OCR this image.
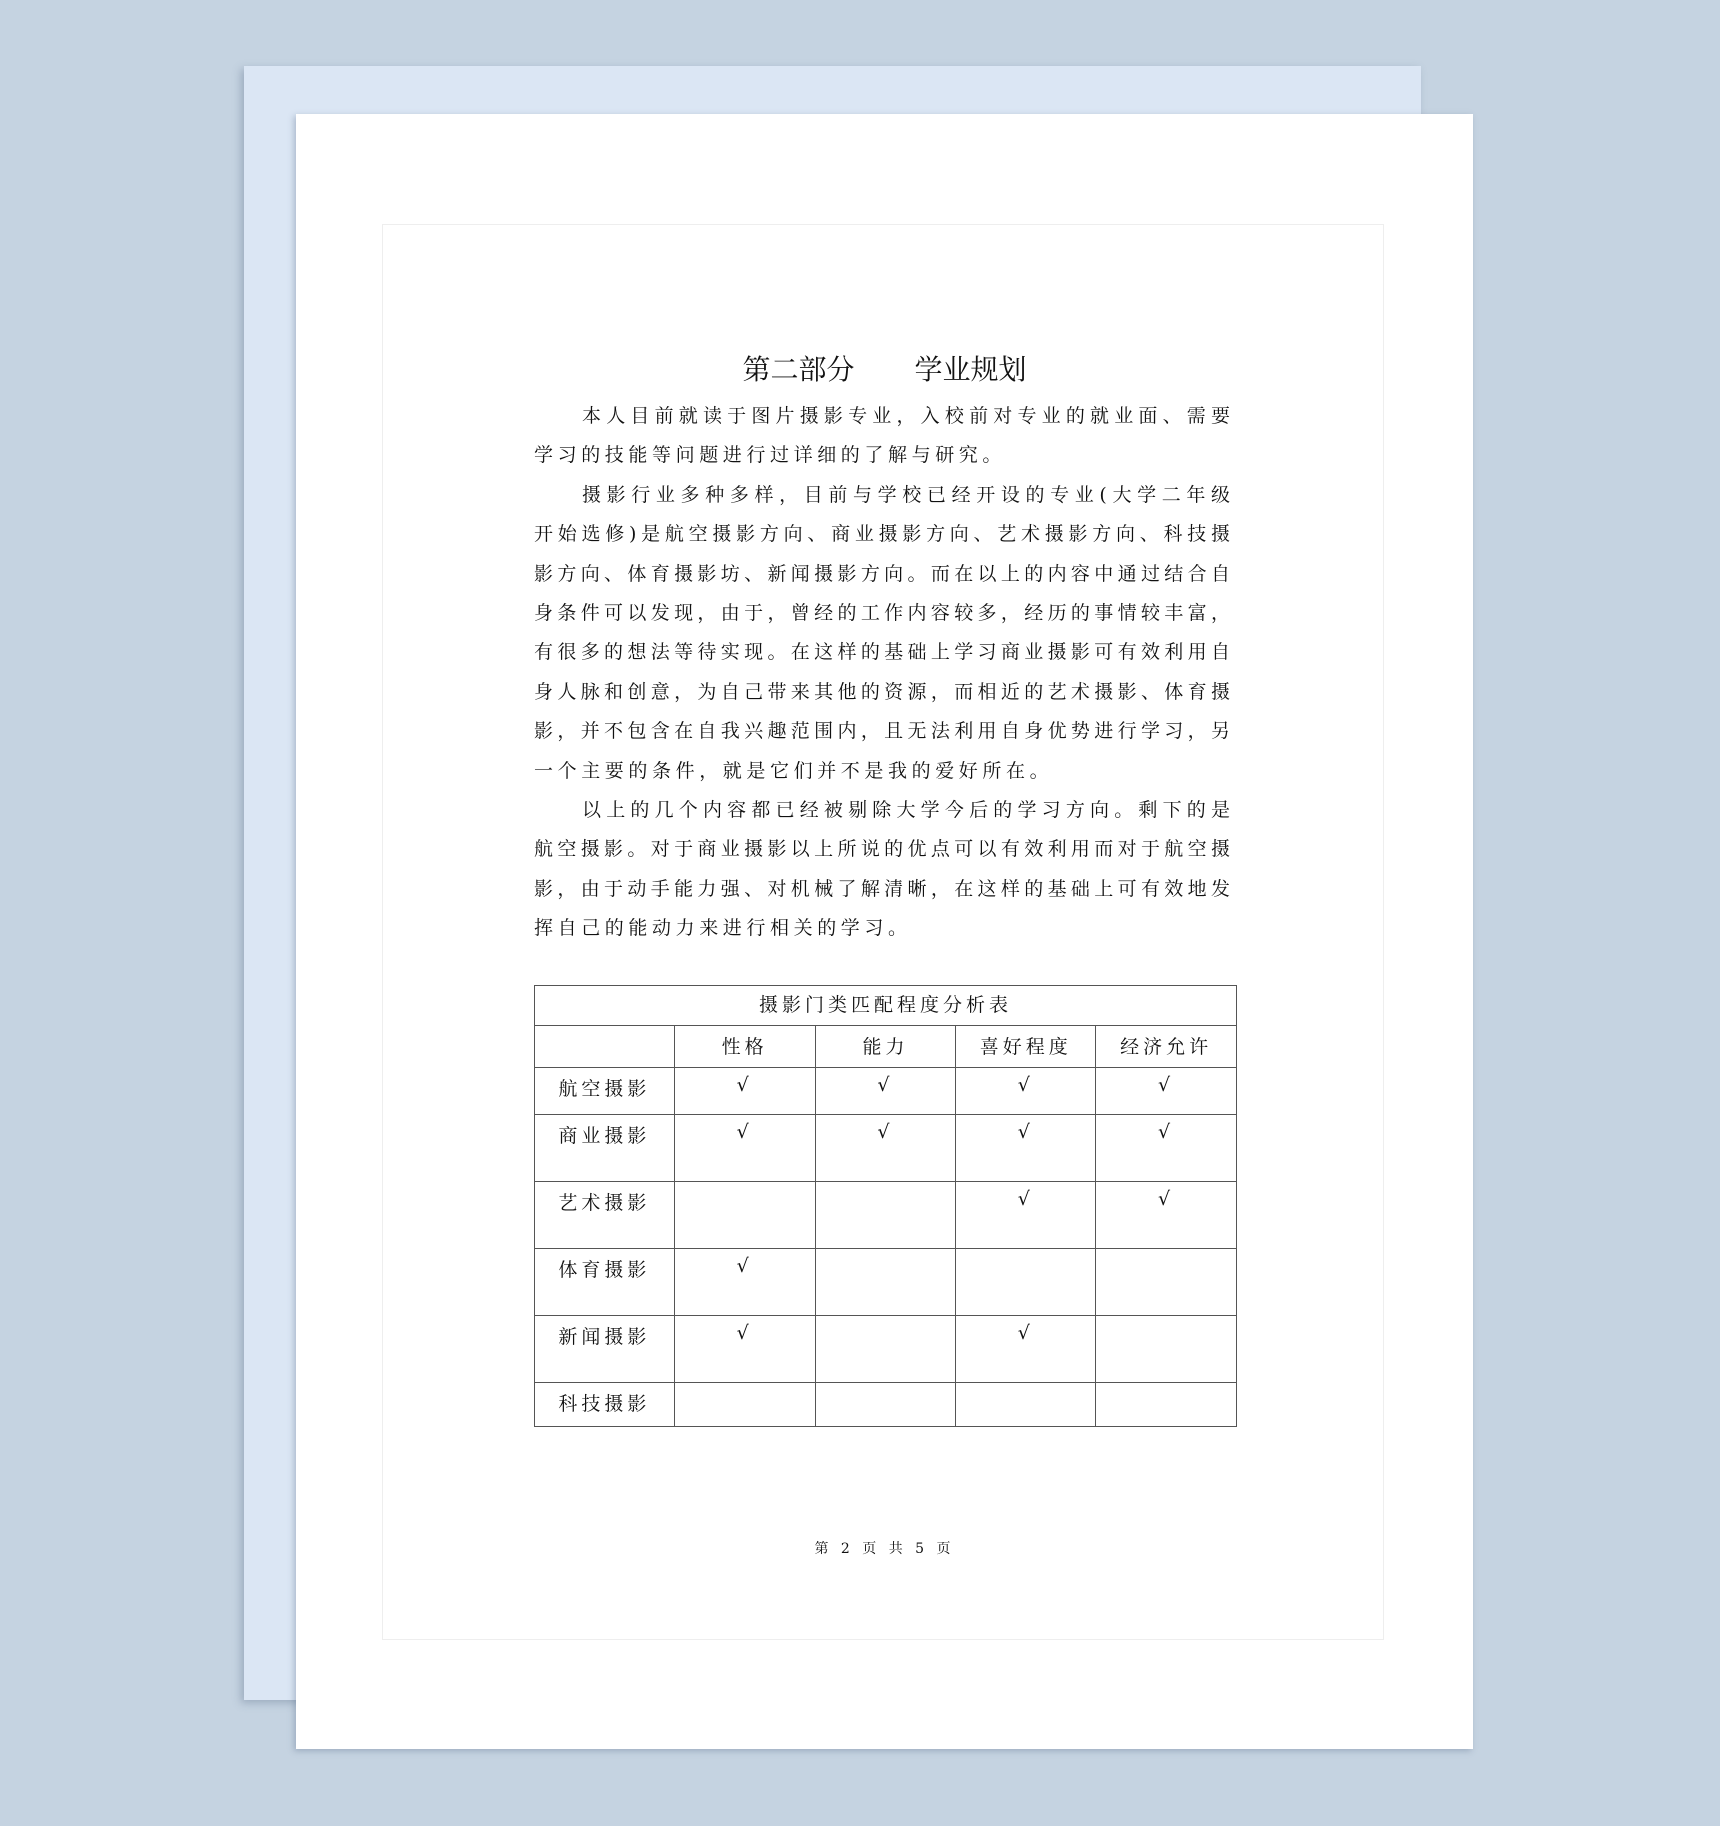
第二部分 学业规划
本人目前就读于图片摄影专业，入校前对专业的就业面、需要
学习的技能等问题进行过详细的了解与研究。
摄影行业多种多样，目前与学校已经开设的专业(大学二年级
开始选修)是航空摄影方向、商业摄影方向、艺术摄影方向、科技摄
影方向、体育摄影坊、新闻摄影方向。而在以上的内容中通过结合自
身条件可以发现，由于，曾经的工作内容较多，经历的事情较丰富，
有很多的想法等待实现。在这样的基础上学习商业摄影可有效利用自
身人脉和创意，为自己带来其他的资源，而相近的艺术摄影、体育摄
影，并不包含在自我兴趣范围内，且无法利用自身优势进行学习，另
一个主要的条件，就是它们并不是我的爱好所在。
以上的几个内容都已经被剔除大学今后的学习方向。剩下的是
航空摄影。对于商业摄影以上所说的优点可以有效利用而对于航空摄
影，由于动手能力强、对机械了解清晰，在这样的基础上可有效地发
挥自己的能动力来进行相关的学习。
摄影门类匹配程度分析表				
	性格	能力	喜好程度	经济允许
航空摄影	√	√	√	√
商业摄影	√	√	√	√
艺术摄影			√	√
体育摄影	√			
新闻摄影	√		√	
科技摄影				
第 2 页 共 5 页
